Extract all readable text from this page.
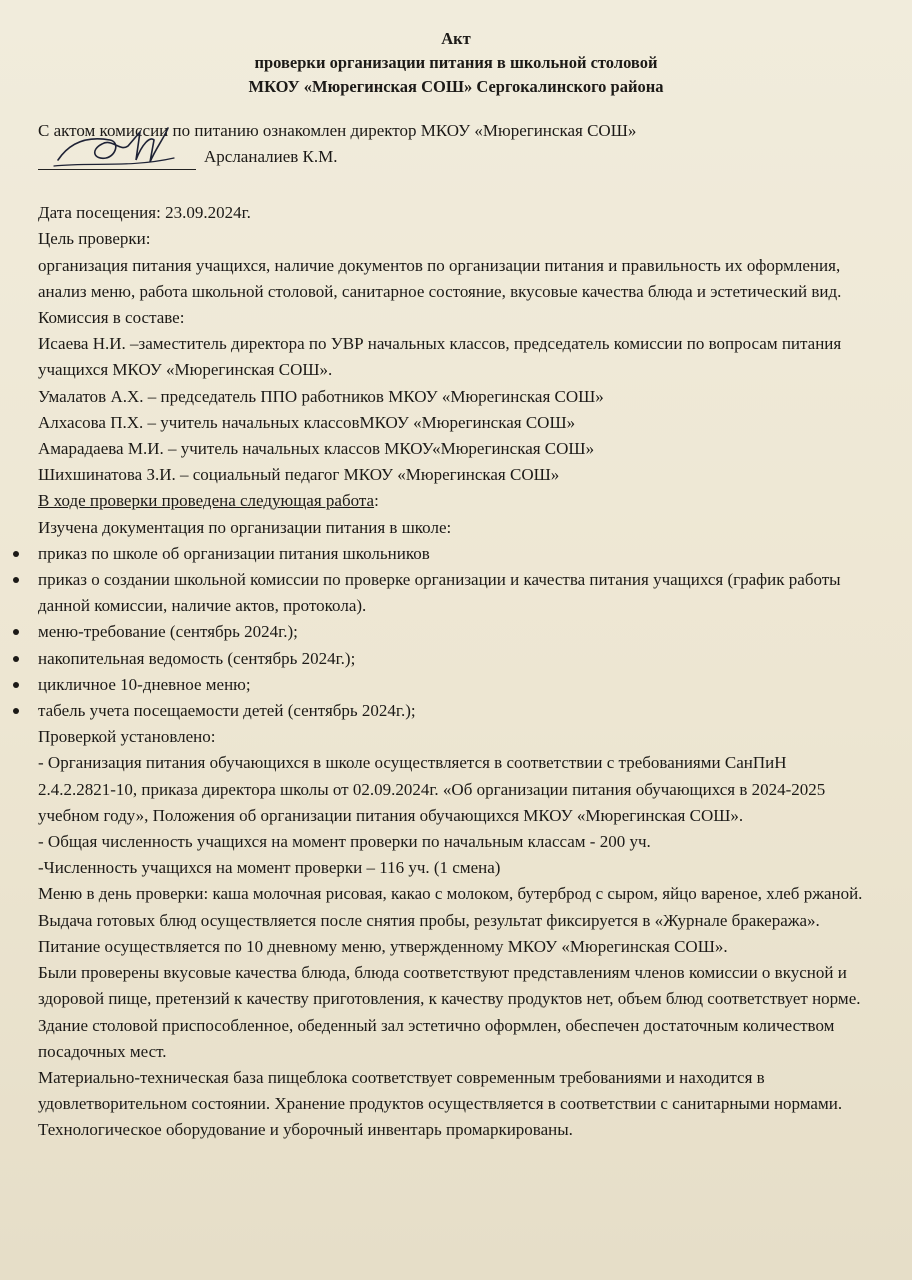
Акт
проверки организации питания в школьной столовой
МКОУ «Мюрегинская СОШ» Сергокалинского района
С актом комиссии по питанию ознакомлен директор МКОУ «Мюрегинская СОШ»
Арсланалиев К.М.
Дата посещения: 23.09.2024г.
Цель проверки:
организация питания учащихся, наличие документов по организации питания и правильность их оформления, анализ меню, работа школьной столовой, санитарное состояние, вкусовые качества блюда и эстетический вид.
Комиссия в составе:
Исаева Н.И. –заместитель директора по УВР начальных классов, председатель комиссии по вопросам питания учащихся МКОУ «Мюрегинская СОШ».
Умалатов А.Х. – председатель ППО работников МКОУ «Мюрегинская СОШ»
Алхасова П.Х. – учитель начальных классовМКОУ «Мюрегинская СОШ»
Амарадаева М.И. – учитель начальных классов МКОУ«Мюрегинская СОШ»
Шихшинатова З.И. – социальный педагог МКОУ «Мюрегинская СОШ»
В ходе проверки проведена следующая работа:
Изучена документация по организации питания в школе:
приказ по школе об организации питания школьников
приказ о создании школьной комиссии по проверке организации и качества питания учащихся (график работы данной комиссии, наличие актов, протокола).
меню-требование (сентябрь 2024г.);
накопительная ведомость (сентябрь 2024г.);
цикличное 10-дневное меню;
табель учета посещаемости детей (сентябрь 2024г.);
Проверкой установлено:
- Организация питания обучающихся в школе осуществляется в соответствии с требованиями СанПиН 2.4.2.2821-10, приказа директора школы от 02.09.2024г. «Об организации питания обучающихся в 2024-2025 учебном году», Положения об организации питания обучающихся МКОУ «Мюрегинская СОШ».
- Общая численность учащихся на момент проверки по начальным классам - 200 уч.
-Численность учащихся на момент проверки – 116 уч. (1 смена)
Меню в день проверки: каша молочная рисовая, какао с молоком, бутерброд с сыром, яйцо вареное, хлеб ржаной.
Выдача готовых блюд осуществляется после снятия пробы, результат фиксируется в «Журнале бракеража». Питание осуществляется по 10 дневному меню, утвержденному МКОУ «Мюрегинская СОШ».
Были проверены вкусовые качества блюда, блюда соответствуют представлениям членов комиссии о вкусной и здоровой пище, претензий к качеству приготовления, к качеству продуктов нет, объем блюд соответствует норме.
Здание столовой приспособленное, обеденный зал эстетично оформлен, обеспечен достаточным количеством посадочных мест.
Материально-техническая база пищеблока соответствует современным требованиями и находится в удовлетворительном состоянии. Хранение продуктов осуществляется в соответствии с санитарными нормами. Технологическое оборудование и уборочный инвентарь промаркированы.
